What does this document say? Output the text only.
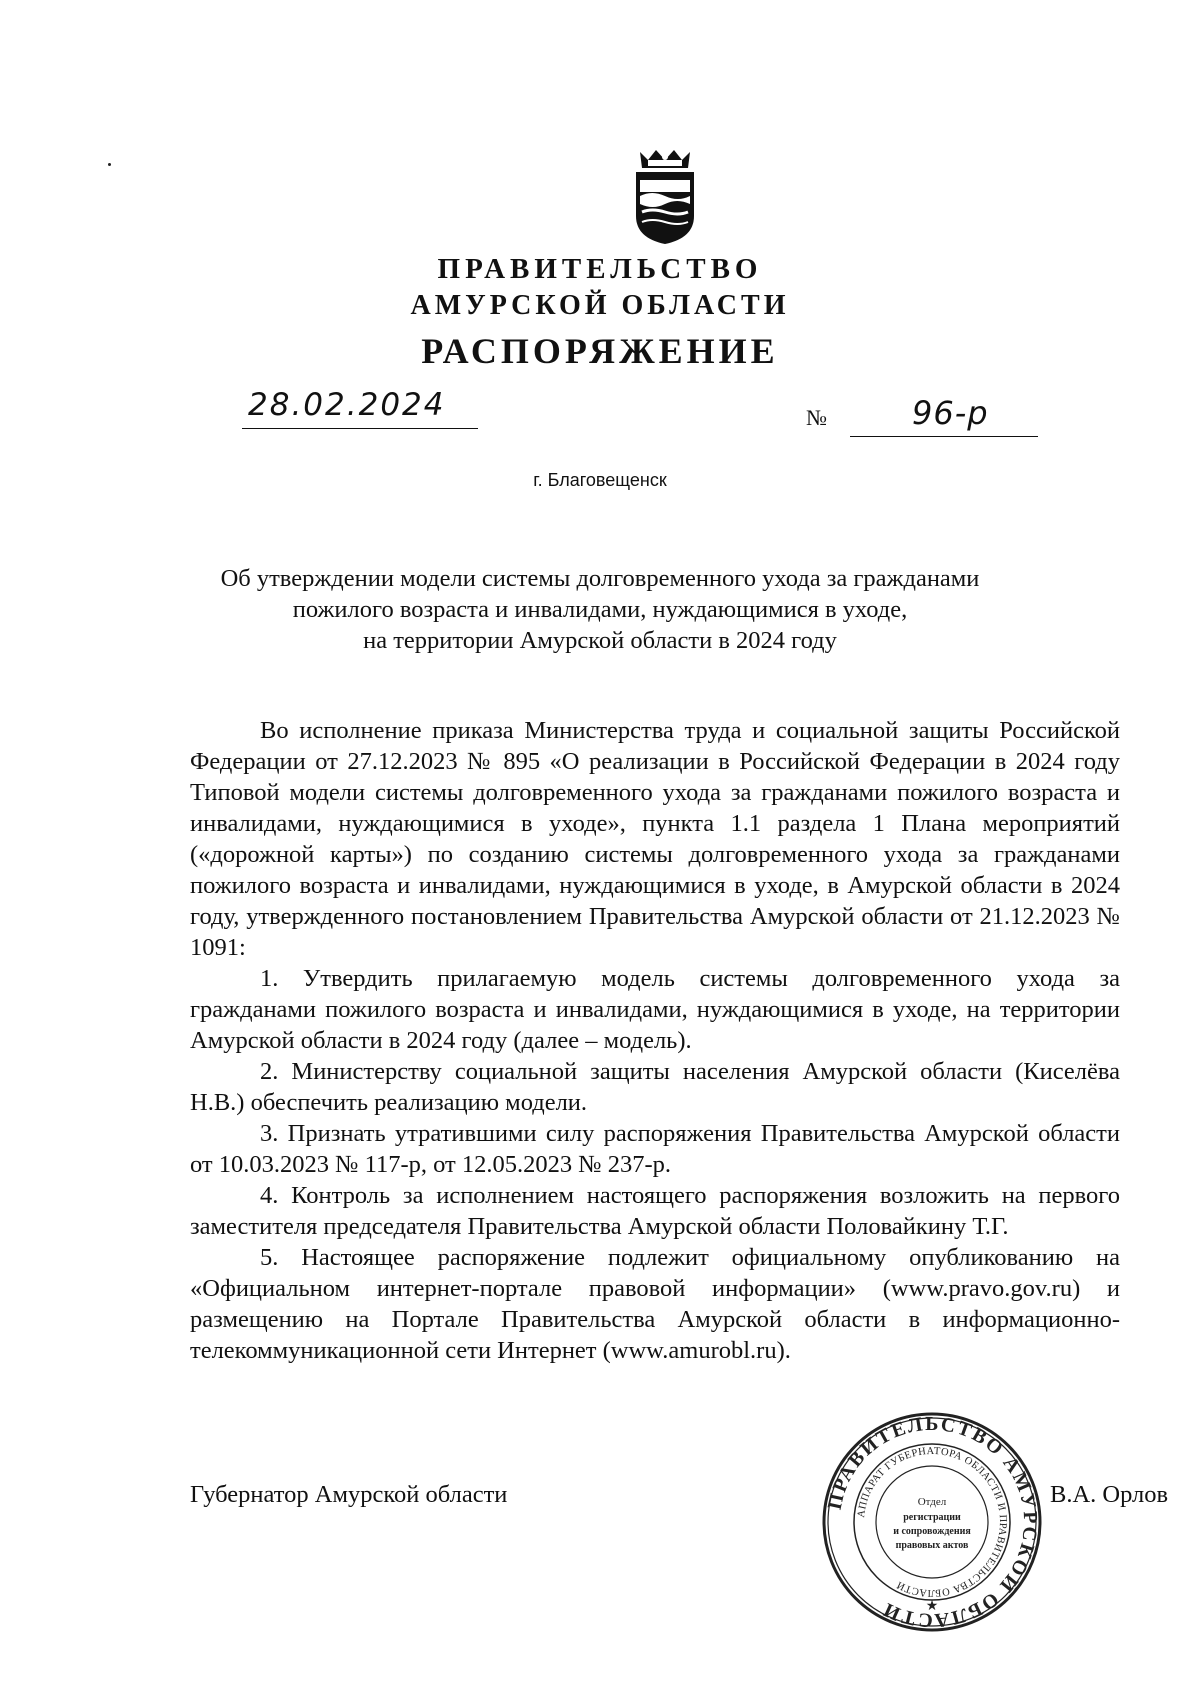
ПРАВИТЕЛЬСТВО
АМУРСКОЙ ОБЛАСТИ
РАСПОРЯЖЕНИЕ
28.02.2024	№	96-р
г. Благовещенск
Об утверждении модели системы долговременного ухода за гражданами
пожилого возраста и инвалидами, нуждающимися в уходе,
на территории Амурской области в 2024 году

Во исполнение приказа Министерства труда и социальной защиты Российской Федерации от 27.12.2023 № 895 «О реализации в Российской Федерации в 2024 году Типовой модели системы долговременного ухода за гражданами пожилого возраста и инвалидами, нуждающимися в уходе», пункта 1.1 раздела 1 Плана мероприятий («дорожной карты») по созданию системы долговременного ухода за гражданами пожилого возраста и инвалидами, нуждающимися в уходе, в Амурской области в 2024 году, утвержденного постановлением Правительства Амурской области от 21.12.2023 № 1091:

1. Утвердить прилагаемую модель системы долговременного ухода за гражданами пожилого возраста и инвалидами, нуждающимися в уходе, на территории Амурской области в 2024 году (далее – модель).

2. Министерству социальной защиты населения Амурской области (Киселёва Н.В.) обеспечить реализацию модели.

3. Признать утратившими силу распоряжения Правительства Амурской области от 10.03.2023 № 117-р, от 12.05.2023 № 237-р.

4. Контроль за исполнением настоящего распоряжения возложить на первого заместителя председателя Правительства Амурской области Половайкину Т.Г.

5. Настоящее распоряжение подлежит официальному опубликованию на «Официальном интернет-портале правовой информации» (www.pravo.gov.ru) и размещению на Портале Правительства Амурской области в информационно-телекоммуникационной сети Интернет (www.amurobl.ru).

Губернатор Амурской области	ПРАВИТЕЛЬСТВО АМУРСКОЙ ОБЛАСТИ
АППАРАТ ГУБЕРНАТОРА ОБЛАСТИ И ПРАВИТЕЛЬСТВА ОБЛАСТИ
Отдел
регистрации
и сопровождения
правовых актов
★
В.А. Орлов
